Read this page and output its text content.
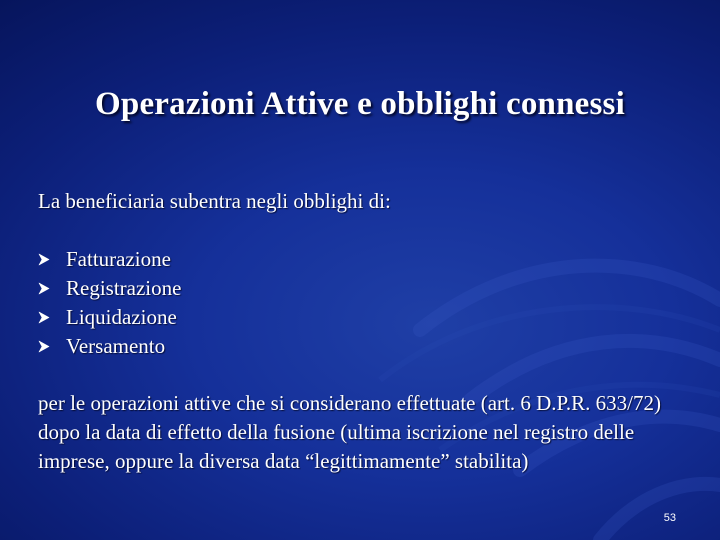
Operazioni Attive e obblighi connessi
La beneficiaria subentra negli obblighi di:
Fatturazione
Registrazione
Liquidazione
Versamento
per le operazioni attive che si considerano effettuate (art. 6 D.P.R. 633/72) dopo la data di effetto della fusione (ultima iscrizione nel registro delle imprese, oppure la diversa data “legittimamente” stabilita)
53
